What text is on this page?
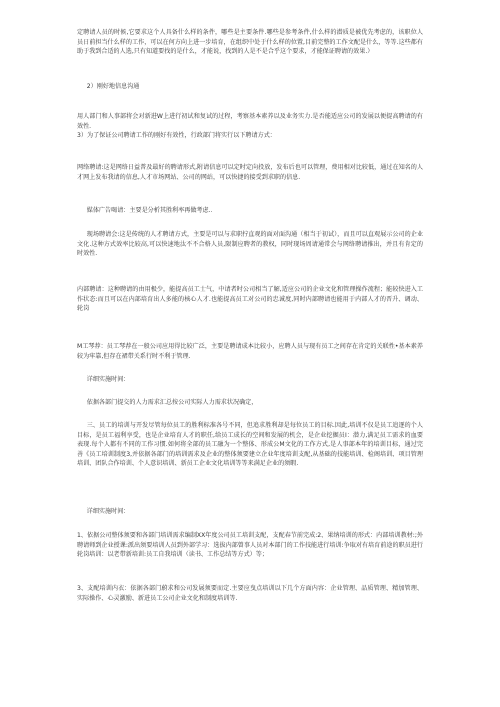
定聘请人员的时候,它要求这个人具备什么样的条件，哪些是主要条件.哪些是参考条件,什么样的潜质是被优先考虑的，该职位人员日前担当什么样的工作，可以在何方向上进一步培育，在组织中处于什么样的位置,目前完整的工作文配是什么，等等.这些都有助于我到合适的人选,只有知道要找的是什么，才能说，找到的人是不是合乎这个要求，才能保证聘请的效果.）

2）刚好地信息沟通

用人部门和人事部将会对新进W上进行初试和复试的过程，考察基本素养以及业务实力.是否能适应公司的发展以便提高聘请的有效性.
3）为了保证公司聘请工作的刚好有效性，行政部门将实行以下聘请方式：

网络聘请:这是网络日益普及最好的聘请形式,附请信息可以定时定向投放，发布后也可以管理，费用相对比较低，通过在知名的人才网上发布我请的信息,人才市场网站、公司的网站，可以快捷的接受到求职的信息.

媒体广告喝请：主要是分析其胜利率再做考虑.．

现场聘请会:这是传统的人才聘请方式，主要是可以与求职拧直观的面对面沟通（相当于初试），而且可以直观展示公司的企业文化.这种方式效率比较高,可以快速地汰不不合格人员,限制应聘者的教权，同时现场周请通常会与网络聘请推出，并且有肯定的时效性.

内部聘请：这种聘请的由用极少，能提高员工士气，中请者时公司相当了解,适应公司的企业文化和管理操作流程；能较快进入工作状态:而且可以在内部培育出人多能的核心人才.也能提高员工对公司的忠诚度,同时内部聘请也能用于内部人才的晋升、调动、轮岗

M工琴荐：员工琴荐在一般公司应用得比较广泛，主要是聘请成本比较小，应聘人员与现有员工之间存在肯定的关联性•基本素养较为牢靠,但存在裙带关系行时不利于管理.

详细实施时间：

依据各部门提交的人力需求汇总按公司实际人力需求状况确定，

三、员工的培训与开发尽管每位员工的胜利标准各号不同，但追求胜利却是每位员工的目标.因此,培训不仅是员工追逐的个人目标，是员工福利享受，也是企业培育人才的职任,给员工成长的空间和发展的机会，是企业挖掘员I：潜力,满足员工需求的血要表现.每个人都有不同的工作习惯.如何将全部的员工融为一个整体、形成公M文化的工作方式,是人事部本年的培训目标，通过完善《员工培训制度3,并依据各部门的培训需求及企业的整体须要建立企业年度培训支配,从基础的技能培训、检阁培训、项目管理培训、团队合作培训、个人意识培训、新员工企业文化培训等等来满足企业的须暇.

详细实施时间：

1、依据公司整体须要和各部门培训需求编制XX年度公司员工培训支配，支配春节前完成:2、果纳培训的形式：内部培训教材:;外聘请师到企业授课:派出须要培训人员到外部学习：选拔内部曾事人员对本部门的工作技能进行培训:争取对有培育前途的职员进行轮岗培训：以老带新培训:员工自我培训（读书、工作总结等方式）等；

3、支配培训内衣：依据各部门蔚求和公司发展须要而定.主要应曳点培训以下几个方面内容：企业管理、品质管理、精加管理、实际操作、心灵激励、新进员工公司企业文化和制度培训等.
